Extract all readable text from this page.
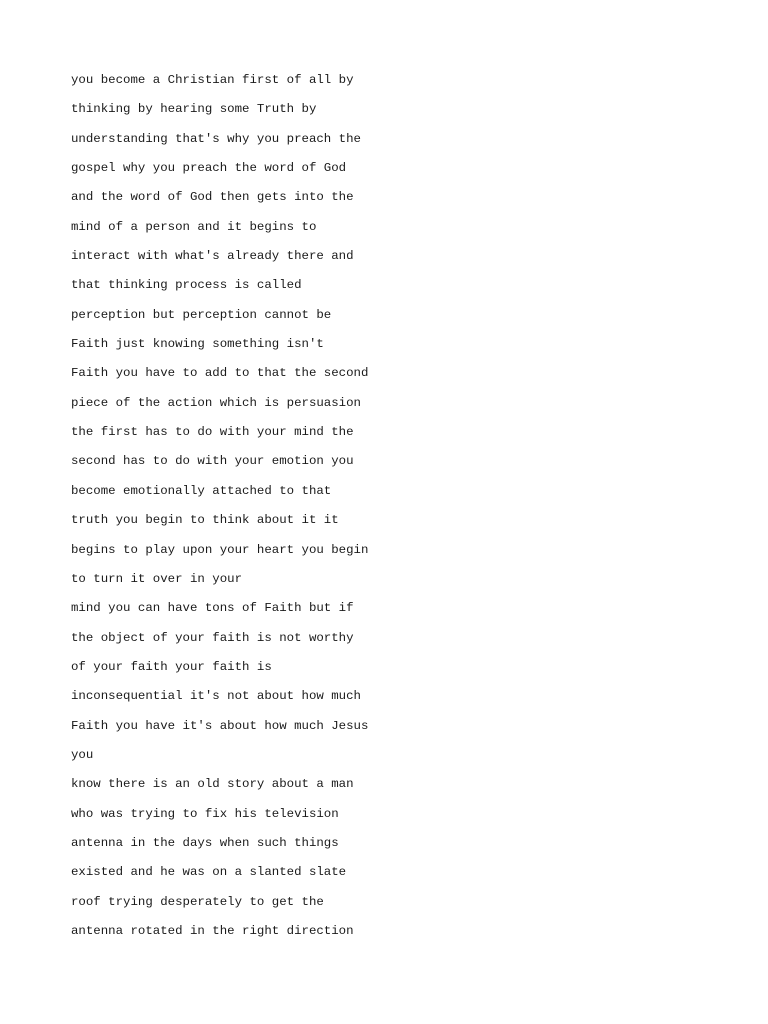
you become a Christian first of all by
thinking by hearing some Truth by
understanding that's why you preach the
gospel why you preach the word of God
and the word of God then gets into the
mind of a person and it begins to
interact with what's already there and
that thinking process is called
perception but perception cannot be
Faith just knowing something isn't
Faith you have to add to that the second
piece of the action which is persuasion
the first has to do with your mind the
second has to do with your emotion you
become emotionally attached to that
truth you begin to think about it it
begins to play upon your heart you begin
to turn it over in your
mind you can have tons of Faith but if
the object of your faith is not worthy
of your faith your faith is
inconsequential it's not about how much
Faith you have it's about how much Jesus
you
know there is an old story about a man
who was trying to fix his television
antenna in the days when such things
existed and he was on a slanted slate
roof trying desperately to get the
antenna rotated in the right direction
